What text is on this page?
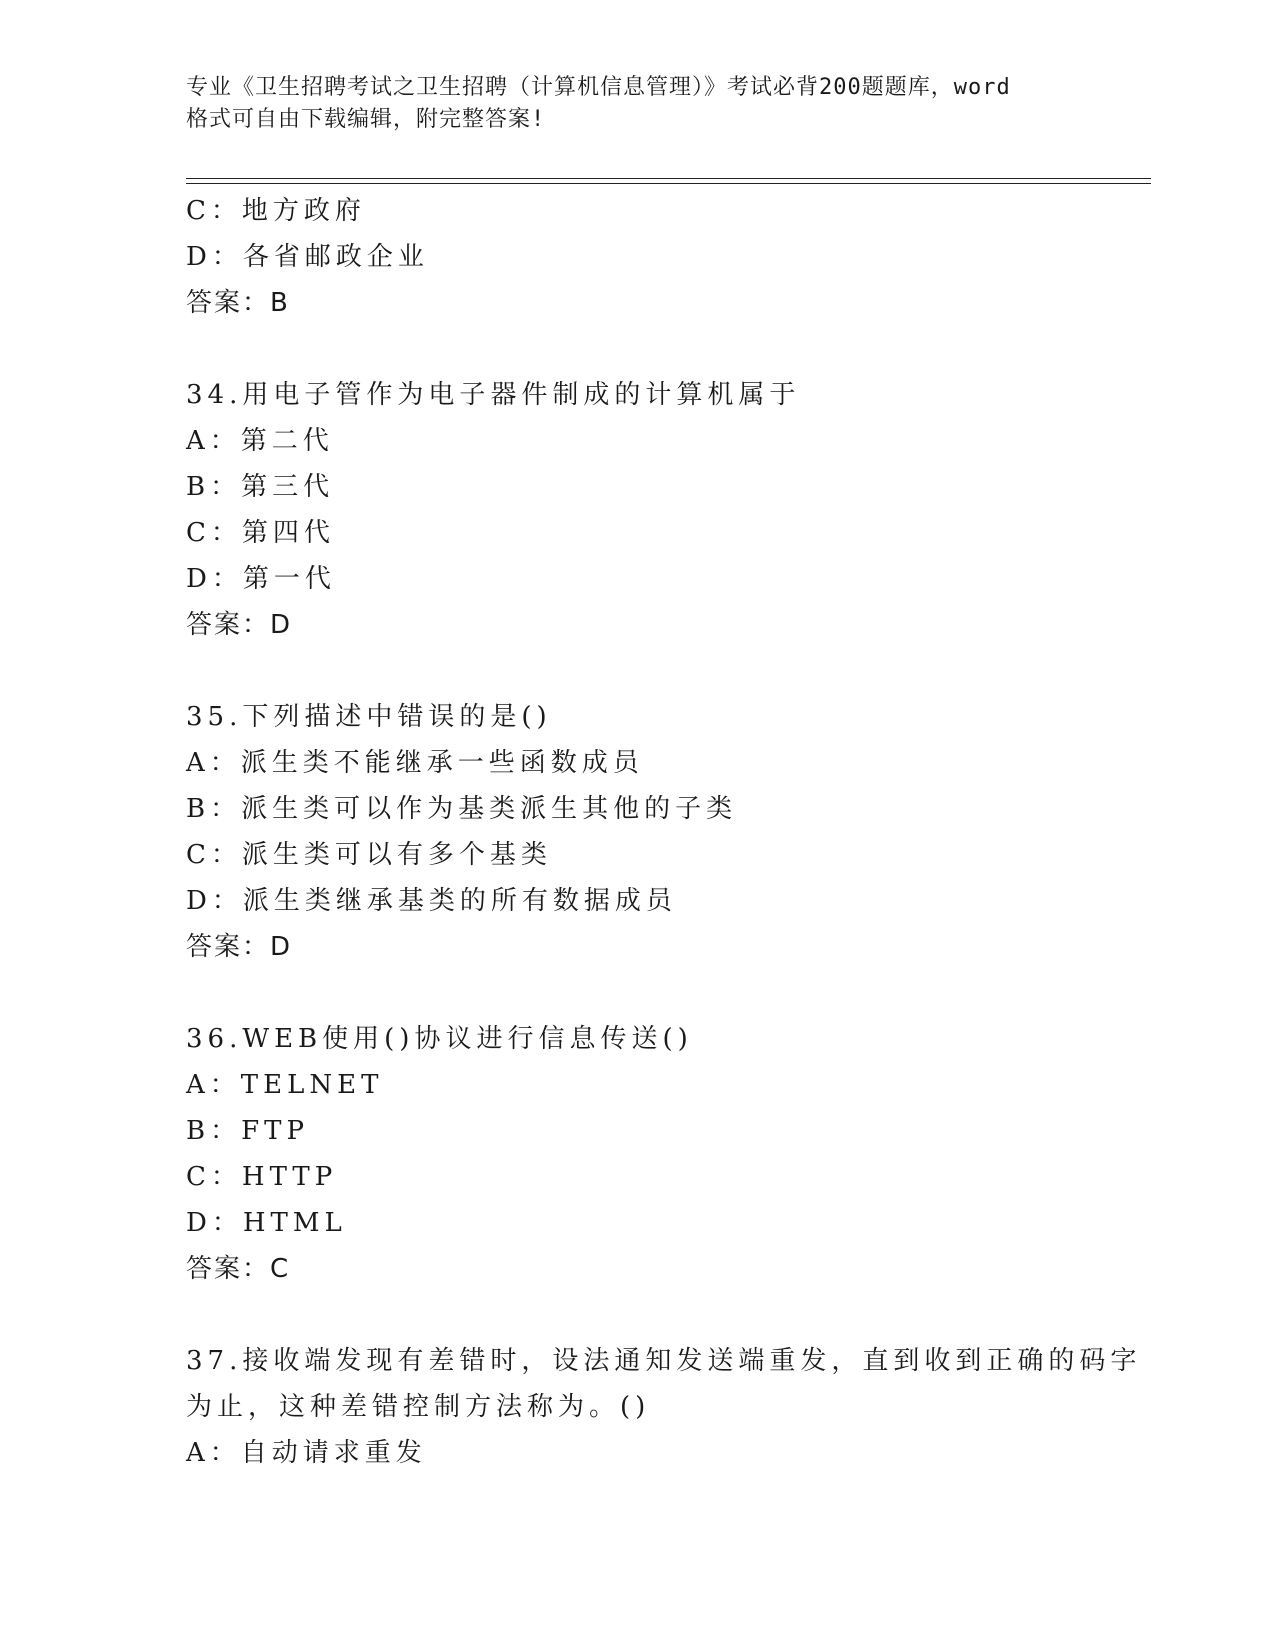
专业《卫生招聘考试之卫生招聘（计算机信息管理）》考试必背200题题库，word
格式可自由下载编辑，附完整答案!
C：地方政府
D：各省邮政企业
答案：B
34.用电子管作为电子器件制成的计算机属于
A：第二代
B：第三代
C：第四代
D：第一代
答案：D
35.下列描述中错误的是()
A：派生类不能继承一些函数成员
B：派生类可以作为基类派生其他的子类
C：派生类可以有多个基类
D：派生类继承基类的所有数据成员
答案：D
36.WEB使用()协议进行信息传送()
A：TELNET
B：FTP
C：HTTP
D：HTML
答案：C
37.接收端发现有差错时，设法通知发送端重发，直到收到正确的码字
为止，这种差错控制方法称为。()
A：自动请求重发
